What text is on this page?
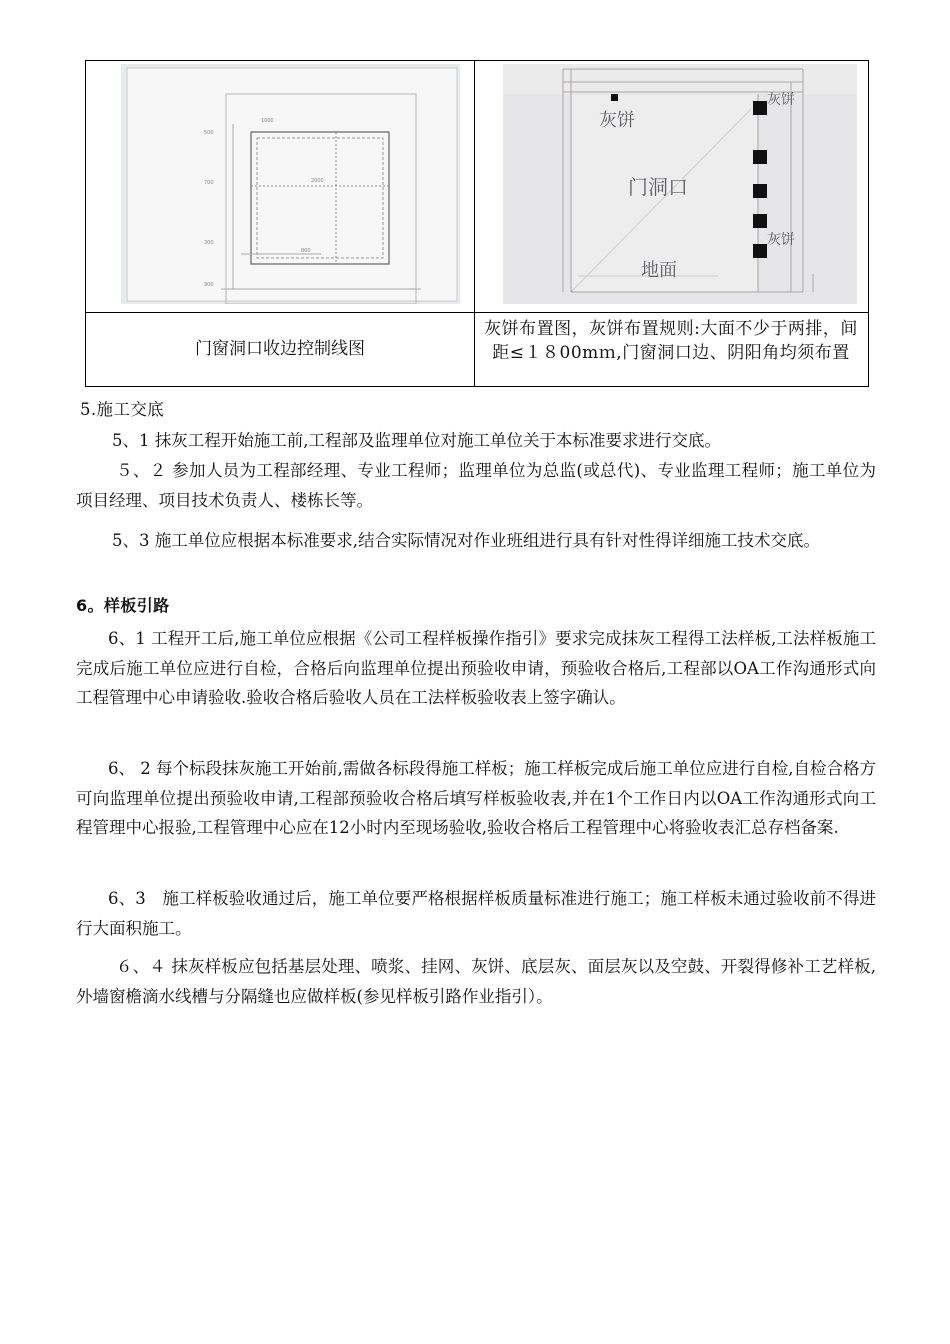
500
700
300
900
1000
2000
800
灰饼
灰饼
灰饼
门洞口
地面
门窗洞口收边控制线图
灰饼布置图，灰饼布置规则:大面不少于两排，间距≤１８00mｍ,门窗洞口边、阴阳角均须布置
5.施工交底
5、1 抹灰工程开始施工前,工程部及监理单位对施工单位关于本标准要求进行交底。
５、２ 参加人员为工程部经理、专业工程师；监理单位为总监(或总代)、专业监理工程师；施工单位为项目经理、项目技术负责人、楼栋长等。
5、3 施工单位应根据本标准要求,结合实际情况对作业班组进行具有针对性得详细施工技术交底。
6。样板引路
6、1 工程开工后,施工单位应根据《公司工程样板操作指引》要求完成抹灰工程得工法样板,工法样板施工完成后施工单位应进行自检，合格后向监理单位提出预验收申请，预验收合格后,工程部以OA工作沟通形式向工程管理中心申请验收.验收合格后验收人员在工法样板验收表上签字确认。
6、 2 每个标段抹灰施工开始前,需做各标段得施工样板；施工样板完成后施工单位应进行自检,自检合格方可向监理单位提出预验收申请,工程部预验收合格后填写样板验收表,并在1个工作日内以OA工作沟通形式向工程管理中心报验,工程管理中心应在12小时内至现场验收,验收合格后工程管理中心将验收表汇总存档备案.
6、3　施工样板验收通过后，施工单位要严格根据样板质量标准进行施工；施工样板未通过验收前不得进行大面积施工。
６、４ 抹灰样板应包括基层处理、喷浆、挂网、灰饼、底层灰、面层灰以及空鼓、开裂得修补工艺样板,外墙窗檐滴水线槽与分隔缝也应做样板(参见样板引路作业指引）。
